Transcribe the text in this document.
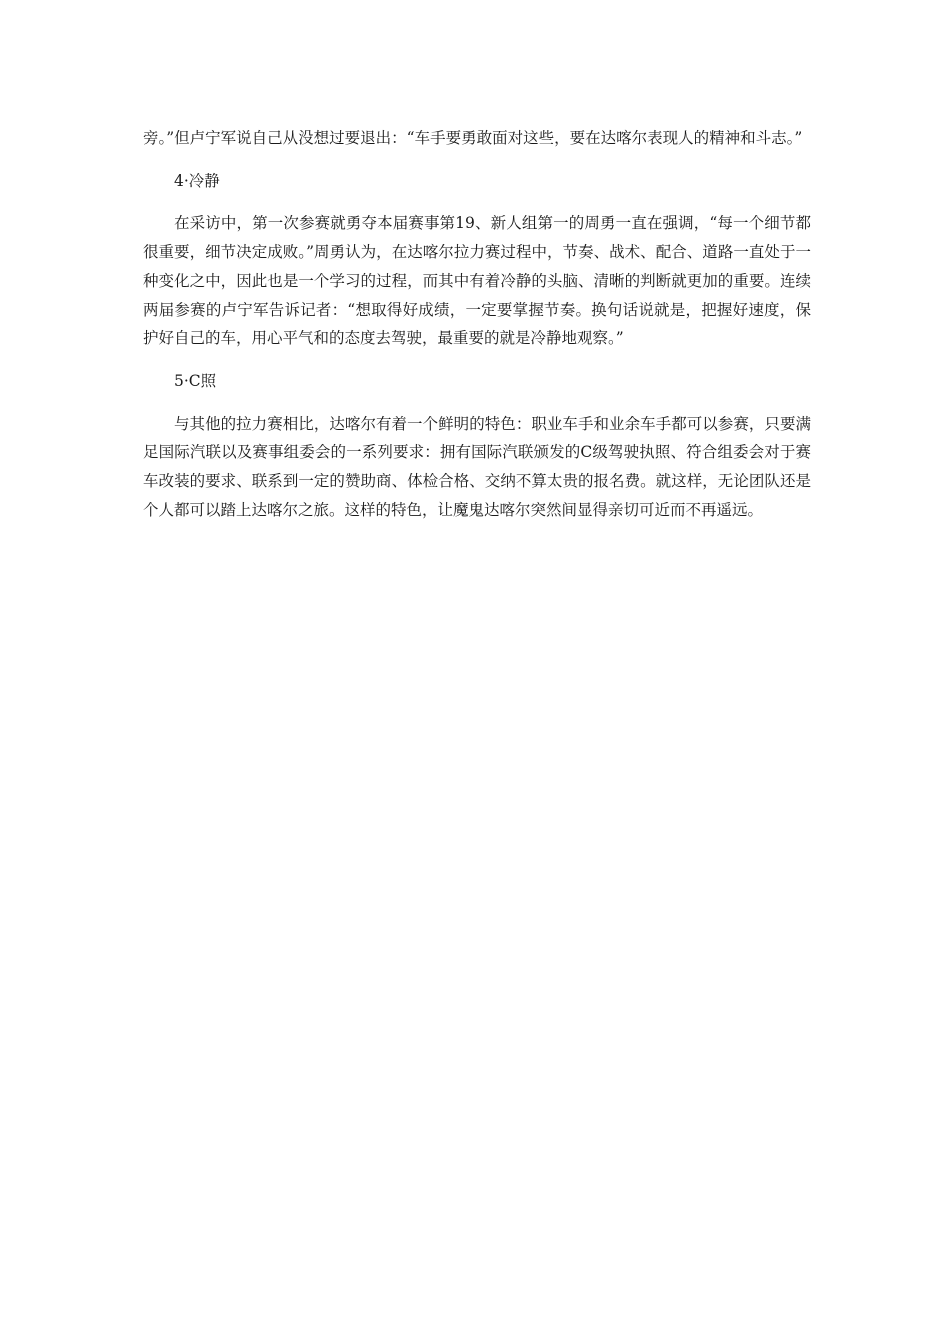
旁。”但卢宁军说自己从没想过要退出：“车手要勇敢面对这些，要在达喀尔表现人的精神和斗志。”

4·冷静

在采访中，第一次参赛就勇夺本届赛事第19、新人组第一的周勇一直在强调，“每一个细节都很重要，细节决定成败。”周勇认为，在达喀尔拉力赛过程中，节奏、战术、配合、道路一直处于一种变化之中，因此也是一个学习的过程，而其中有着冷静的头脑、清晰的判断就更加的重要。连续两届参赛的卢宁军告诉记者：“想取得好成绩，一定要掌握节奏。换句话说就是，把握好速度，保护好自己的车，用心平气和的态度去驾驶，最重要的就是冷静地观察。”

5·C照

与其他的拉力赛相比，达喀尔有着一个鲜明的特色：职业车手和业余车手都可以参赛，只要满足国际汽联以及赛事组委会的一系列要求：拥有国际汽联颁发的C级驾驶执照、符合组委会对于赛车改装的要求、联系到一定的赞助商、体检合格、交纳不算太贵的报名费。就这样，无论团队还是个人都可以踏上达喀尔之旅。这样的特色，让魔鬼达喀尔突然间显得亲切可近而不再遥远。
